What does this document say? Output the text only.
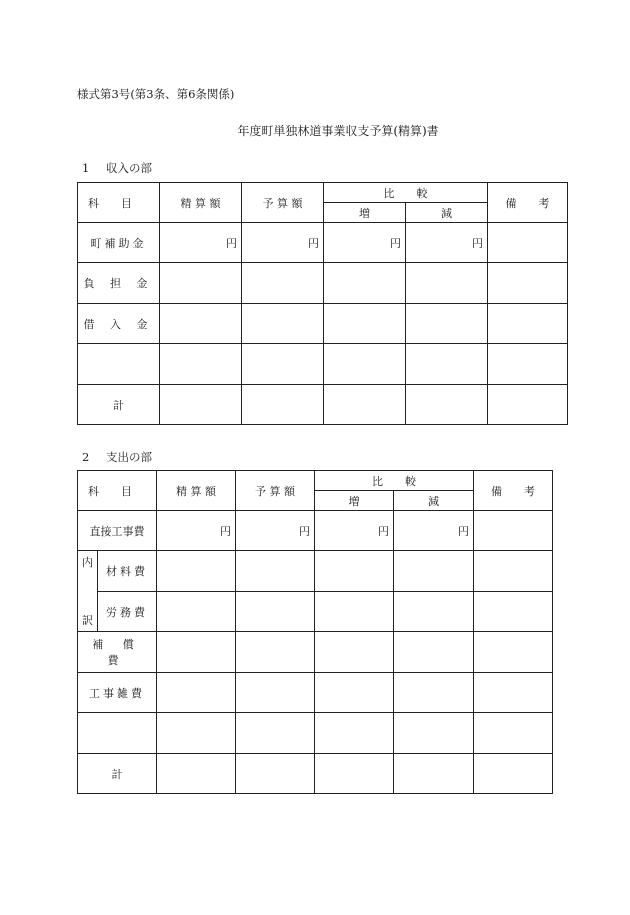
様式第3号(第3条、第6条関係)
年度町単独林道事業収支予算(精算)書
1 収入の部
科　　目	精 算 額	予 算 額	比　　較		備　　考
			増	減	
町補助金	円	円	円	円	
負 担 金					
借 入 金					

計					
2 支出の部
科　　目		精 算 額	予 算 額	比　　較		備　　考
				増	減	
直接工事費		円	円	円	円	

内
訳	材料費					
	労務費					
補 償 費						
工事雑費						

計						
